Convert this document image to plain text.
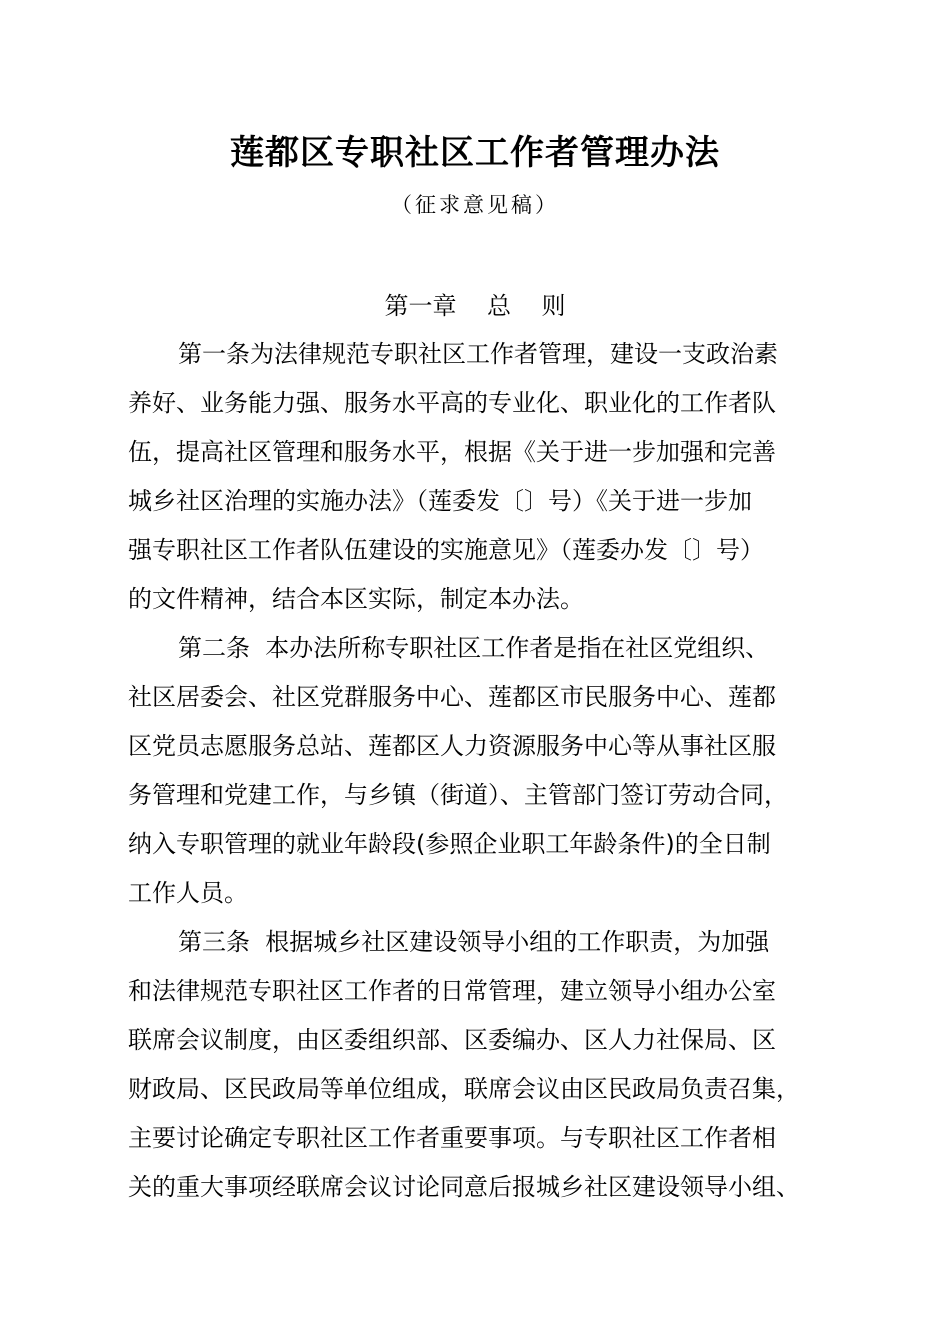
莲都区专职社区工作者管理办法
（征求意见稿）
第一章    总    则
第一条为法律规范专职社区工作者管理，建设一支政治素
养好、业务能力强、服务水平高的专业化、职业化的工作者队
伍，提高社区管理和服务水平，根据《关于进一步加强和完善
城乡社区治理的实施办法》（莲委发〔〕号）《关于进一步加
强专职社区工作者队伍建设的实施意见》（莲委办发〔〕号）
的文件精神，结合本区实际，制定本办法。
第二条  本办法所称专职社区工作者是指在社区党组织、
社区居委会、社区党群服务中心、莲都区市民服务中心、莲都
区党员志愿服务总站、莲都区人力资源服务中心等从事社区服
务管理和党建工作，与乡镇（街道）、主管部门签订劳动合同，
纳入专职管理的就业年龄段(参照企业职工年龄条件)的全日制
工作人员。
第三条  根据城乡社区建设领导小组的工作职责，为加强
和法律规范专职社区工作者的日常管理，建立领导小组办公室
联席会议制度，由区委组织部、区委编办、区人力社保局、区
财政局、区民政局等单位组成，联席会议由区民政局负责召集，
主要讨论确定专职社区工作者重要事项。与专职社区工作者相
关的重大事项经联席会议讨论同意后报城乡社区建设领导小组、
